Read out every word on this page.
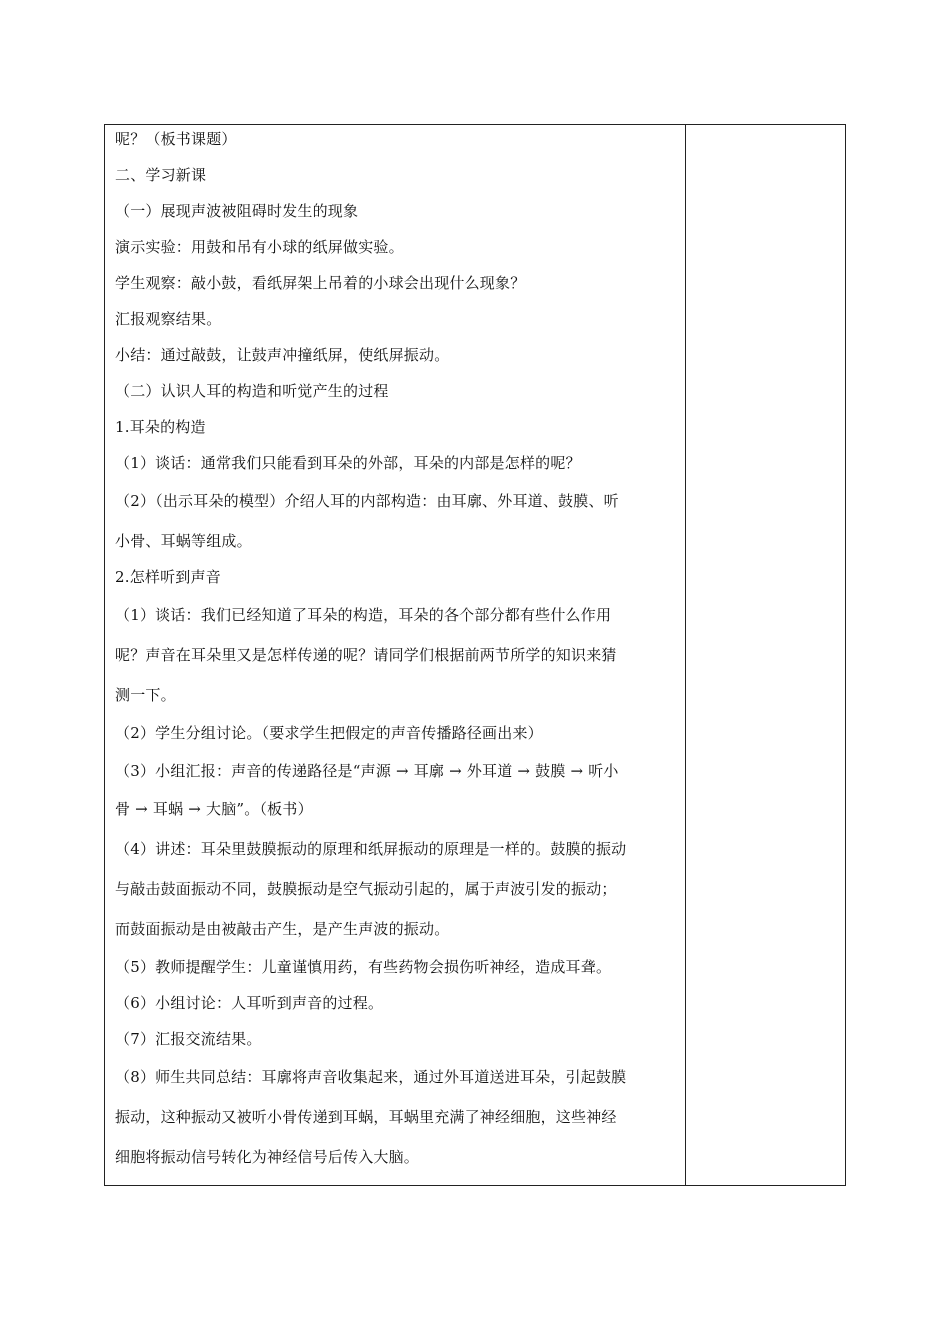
呢？（板书课题）
二、学习新课
（一）展现声波被阻碍时发生的现象
演示实验：用鼓和吊有小球的纸屏做实验。
学生观察：敲小鼓，看纸屏架上吊着的小球会出现什么现象？
汇报观察结果。
小结：通过敲鼓，让鼓声冲撞纸屏，使纸屏振动。
（二）认识人耳的构造和听觉产生的过程
1.耳朵的构造
（1）谈话：通常我们只能看到耳朵的外部，耳朵的内部是怎样的呢？
（2）（出示耳朵的模型）介绍人耳的内部构造：由耳廓、外耳道、鼓膜、听
小骨、耳蜗等组成。
2.怎样听到声音
（1）谈话：我们已经知道了耳朵的构造，耳朵的各个部分都有些什么作用
呢？声音在耳朵里又是怎样传递的呢？请同学们根据前两节所学的知识来猜
测一下。
（2）学生分组讨论。（要求学生把假定的声音传播路径画出来）
（3）小组汇报：声音的传递路径是“声源 → 耳廓 → 外耳道 → 鼓膜 → 听小
骨 → 耳蜗 → 大脑”。（板书）
（4）讲述：耳朵里鼓膜振动的原理和纸屏振动的原理是一样的。鼓膜的振动
与敲击鼓面振动不同，鼓膜振动是空气振动引起的，属于声波引发的振动；
而鼓面振动是由被敲击产生，是产生声波的振动。
（5）教师提醒学生：儿童谨慎用药，有些药物会损伤听神经，造成耳聋。
（6）小组讨论：人耳听到声音的过程。
（7）汇报交流结果。
（8）师生共同总结：耳廓将声音收集起来，通过外耳道送进耳朵，引起鼓膜
振动，这种振动又被听小骨传递到耳蜗，耳蜗里充满了神经细胞，这些神经
细胞将振动信号转化为神经信号后传入大脑。
